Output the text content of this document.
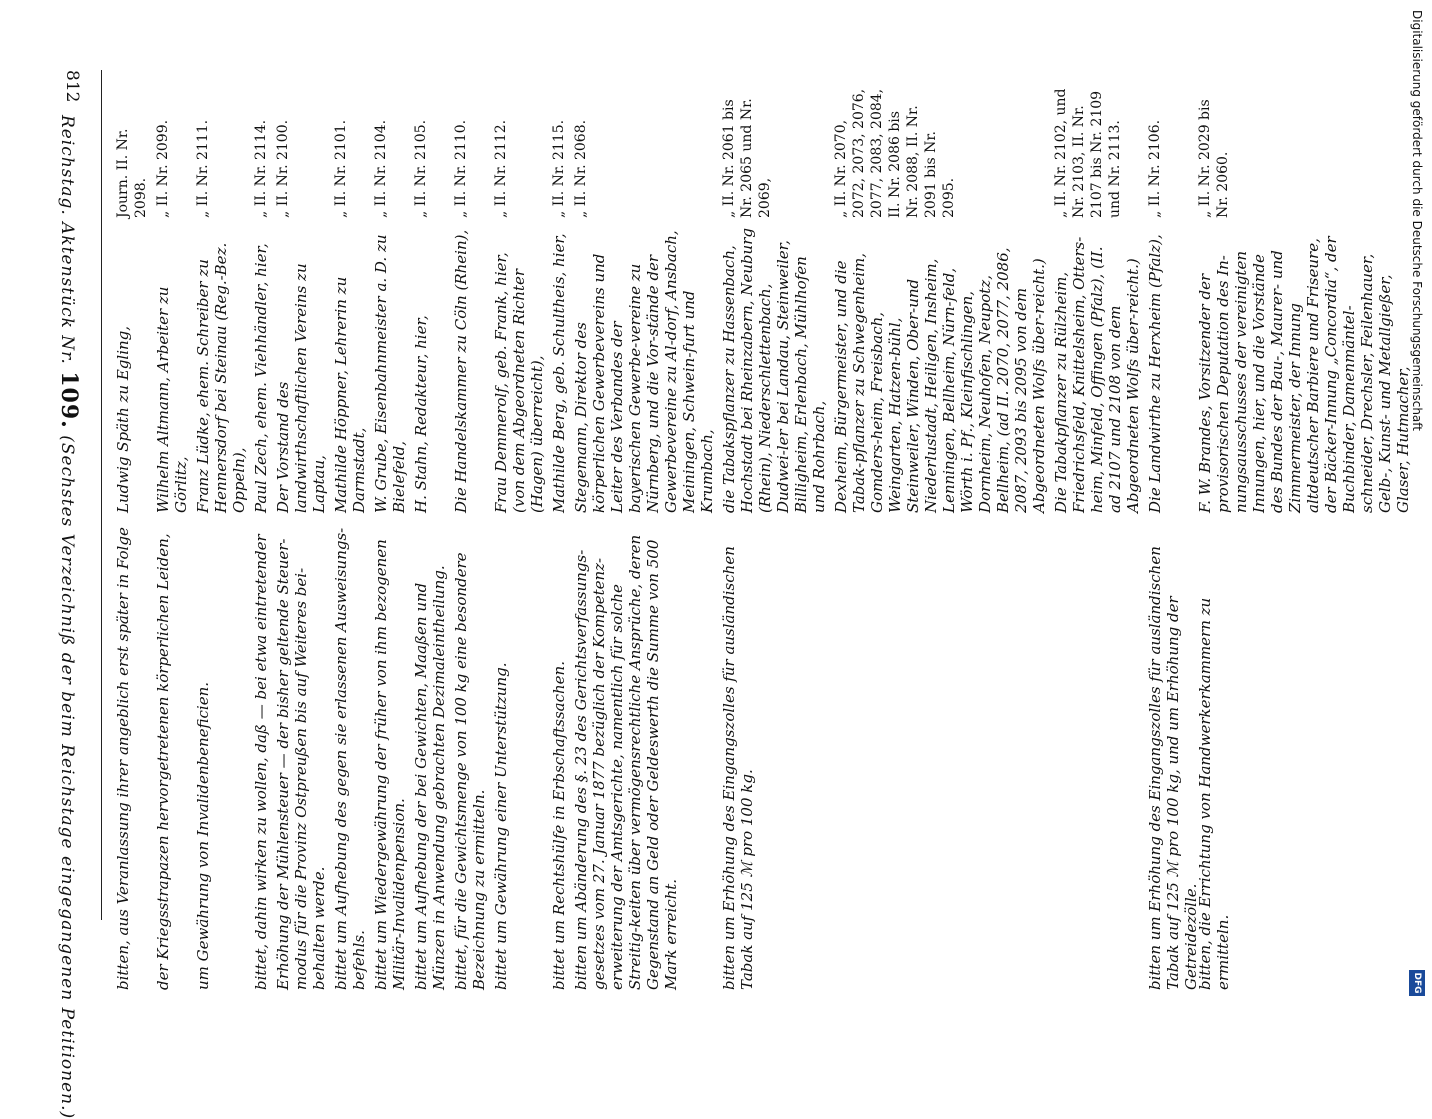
Digitalisierung gefördert durch die Deutsche Forschungsgemeinschaft
DFG
812
Reichstag. Aktenstück Nr. 109. (Sechstes Verzeichniß der beim Reichstage eingegangenen Petitionen.)
Journ. II. Nr. 2098.
Ludwig Späth zu Egling,
bitten, aus Veranlassung ihrer angeblich erst später in Folge
„ II. Nr. 2099.
Wilhelm Altmann, Arbeiter zu Görlitz,
der Kriegsstrapazen hervorgetretenen körperlichen Leiden,
„ II. Nr. 2111.
Franz Lüdke, ehem. Schreiber zu Hennersdorf bei Steinau (Reg.-Bez. Oppeln),
um Gewährung von Invalidenbeneficien.
„ II. Nr. 2114.
Paul Zech, ehem. Viehhändler, hier,
bittet, dahin wirken zu wollen, daß — bei etwa eintretender
„ II. Nr. 2100.
Der Vorstand des landwirthschaftlichen Vereins zu Laptau,
Erhöhung der Mühlensteuer — der bisher geltende Steuer-modus für die Provinz Ostpreußen bis auf Weiteres bei-behalten werde.
„ II. Nr. 2101.
Mathilde Höppner, Lehrerin zu Darmstadt,
bittet um Aufhebung des gegen sie erlassenen Ausweisungs-befehls.
„ II. Nr. 2104.
W. Grube, Eisenbahnmeister a. D. zu Bielefeld,
bittet um Wiedergewährung der früher von ihm bezogenen Militär-Invalidenpension.
„ II. Nr. 2105.
H. Stahn, Redakteur, hier,
bittet um Aufhebung der bei Gewichten, Maaßen und Münzen in Anwendung gebrachten Dezimaleintheilung.
„ II. Nr. 2110.
Die Handelskammer zu Cöln (Rhein),
bittet, für die Gewichtsmenge von 100 kg eine besondere Bezeichnung zu ermitteln.
„ II. Nr. 2112.
Frau Demmerolf, geb. Frank, hier, (von dem Abgeordneten Richter (Hagen) überreicht),
bittet um Gewährung einer Unterstützung.
„ II. Nr. 2115.
Mathilde Berg, geb. Schultheis, hier,
bittet um Rechtshülfe in Erbschaftssachen.
„ II. Nr. 2068.
Stegemann, Direktor des körperlichen Gewerbevereins und Leiter des Verbandes der bayerischen Gewerbe-vereine zu Nürnberg, und die Vor-stände der Gewerbevereine zu Al-dorf, Ansbach, Meiningen, Schwein-furt und Krumbach,
bitten um Abänderung des §. 23 des Gerichtsverfassungs-gesetzes vom 27. Januar 1877 bezüglich der Kompetenz-erweiterung der Amtsgerichte, namentlich für solche Streitig-keiten über vermögensrechtliche Ansprüche, deren Gegenstand an Geld oder Geldeswerth die Summe von 500 Mark erreicht.
„ II. Nr. 2061 bis Nr. 2065 und Nr. 2069,
die Tabakspflanzer zu Hassenbach, Hochstadt bei Rheinzabern, Neuburg (Rhein), Niederschlettenbach, Dudwei-ler bei Landau, Steinweiler, Billigheim, Erlenbach, Mühlhofen und Rohrbach,
bitten um Erhöhung des Eingangszolles für ausländischen Tabak auf 125 ℳ pro 100 kg.
„ II. Nr. 2070, 2072, 2073, 2076, 2077, 2083, 2084, II. Nr. 2086 bis Nr. 2088, II. Nr. 2091 bis Nr. 2095.
Dexheim, Bürgermeister, und die Tabak-pflanzer zu Schwegenheim, Gomders-heim, Freisbach, Weingarten, Hatzen-bühl, Steinweiler, Winden, Ober-und Niederlustadt, Heiligen, Insheim, Lenningen, Bellheim, Nürn-feld, Wörth i. Pf., Kleinfischlingen, Dornheim, Neuhofen, Neupotz, Bellheim, (ad II. 2070, 2077, 2086, 2087, 2093 bis 2095 von dem Abgeordneten Wolfs über-reicht.)
„ II. Nr. 2102, und Nr. 2103, II. Nr. 2107 bis Nr. 2109 und Nr. 2113.
Die Tabakpflanzer zu Rülzheim, Friedrichsfeld, Knittelsheim, Otters-heim, Minfeld, Offingen (Pfalz), (II. ad 2107 und 2108 von dem Abgeordneten Wolfs über-reicht.)
„ II. Nr. 2106.
Die Landwirthe zu Herxheim (Pfalz),
bitten um Erhöhung des Eingangszolles für ausländischen Tabak auf 125 ℳ pro 100 kg, und um Erhöhung der Getreidezölle.
„ II. Nr. 2029 bis Nr. 2060.
F. W. Brandes, Vorsitzender der provisorischen Deputation des In-nungsausschusses der vereinigten Innungen, hier, und die Vorstände des Bundes der Bau-, Maurer- und Zimmermeister, der Innung altdeutscher Barbiere und Friseure, der Bäcker-Innung „Concordia“, der Buchbinder, Damenmäntel-schneider, Drechsler, Feilenhauer, Gelb-, Kunst- und Metallgießer, Glaser, Hutmacher,
bitten, die Errichtung von Handwerkerkammern zu ermitteln.
